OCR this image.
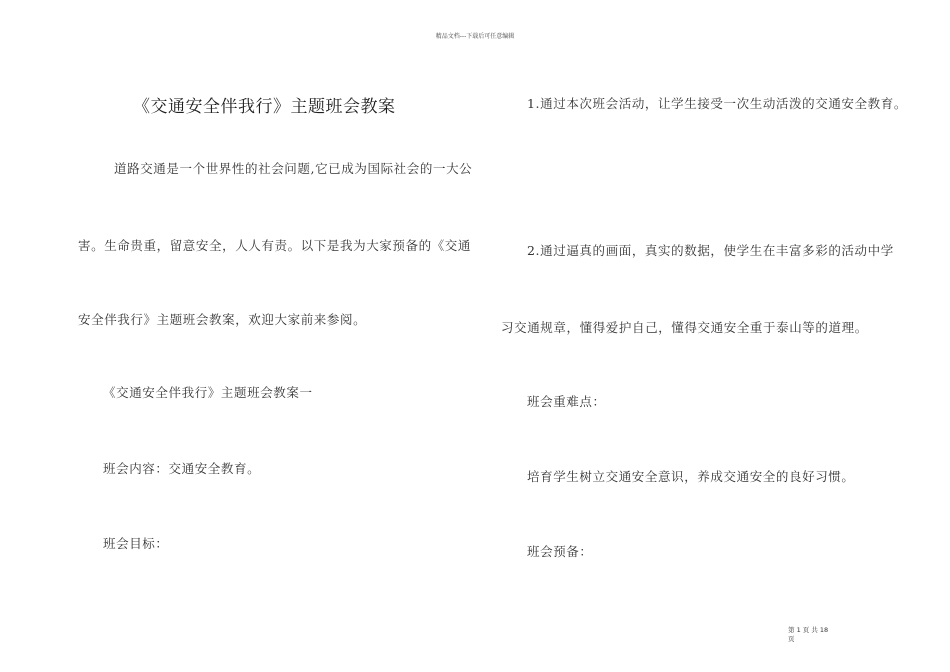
精品文档---下载后可任意编辑
《交通安全伴我行》主题班会教案
道路交通是一个世界性的社会问题,它已成为国际社会的一大公
害。生命贵重，留意安全，人人有责。以下是我为大家预备的《交通
安全伴我行》主题班会教案，欢迎大家前来参阅。
《交通安全伴我行》主题班会教案一
班会内容：交通安全教育。
班会目标：
1.通过本次班会活动，让学生接受一次生动活泼的交通安全教育。
2.通过逼真的画面，真实的数据，使学生在丰富多彩的活动中学
习交通规章，懂得爱护自己，懂得交通安全重于泰山等的道理。
班会重难点：
培育学生树立交通安全意识，养成交通安全的良好习惯。
班会预备：
第 1 页 共 18 页
